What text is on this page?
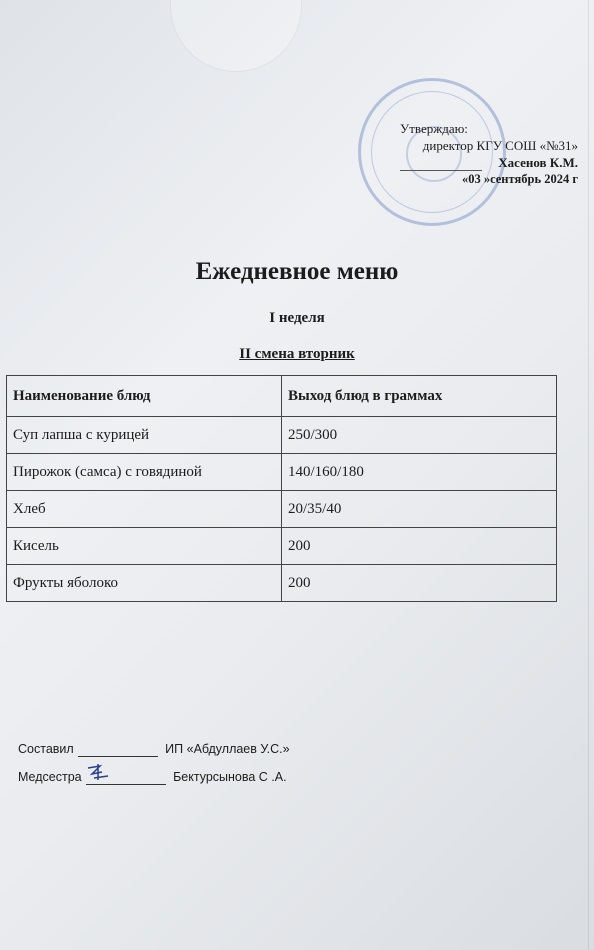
Утверждаю:
директор КГУ СОШ «№31»
Хасенов К.М.
«03 »сентябрь 2024 г
Ежедневное меню
I неделя
II смена вторник
Наименование блюд	Выход блюд в граммах
Суп лапша с курицей	250/300
Пирожок (самса) с говядиной	140/160/180
Хлеб	20/35/40
Кисель	200
Фрукты яболоко	200
Составил	ИП «Абдуллаев У.С.»
Медсестра	Бектурсынова С .А.
